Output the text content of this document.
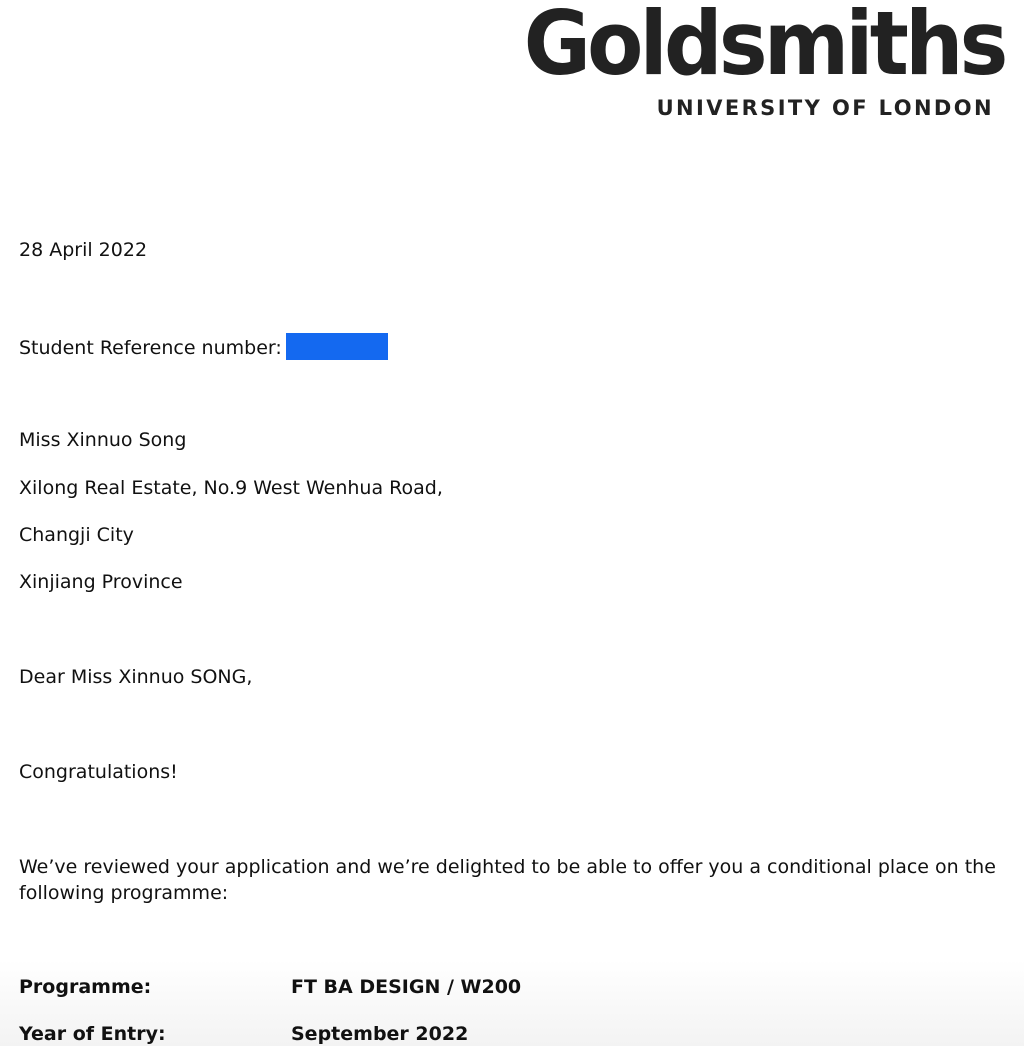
Goldsmiths
UNIVERSITY OF LONDON
28 April 2022
Student Reference number:
Miss Xinnuo Song
Xilong Real Estate, No.9 West Wenhua Road,
Changji City
Xinjiang Province
Dear Miss Xinnuo SONG,
Congratulations!
We’ve reviewed your application and we’re delighted to be able to offer you a conditional place on the following programme:
Programme:	FT BA DESIGN / W200
Year of Entry:	September 2022
